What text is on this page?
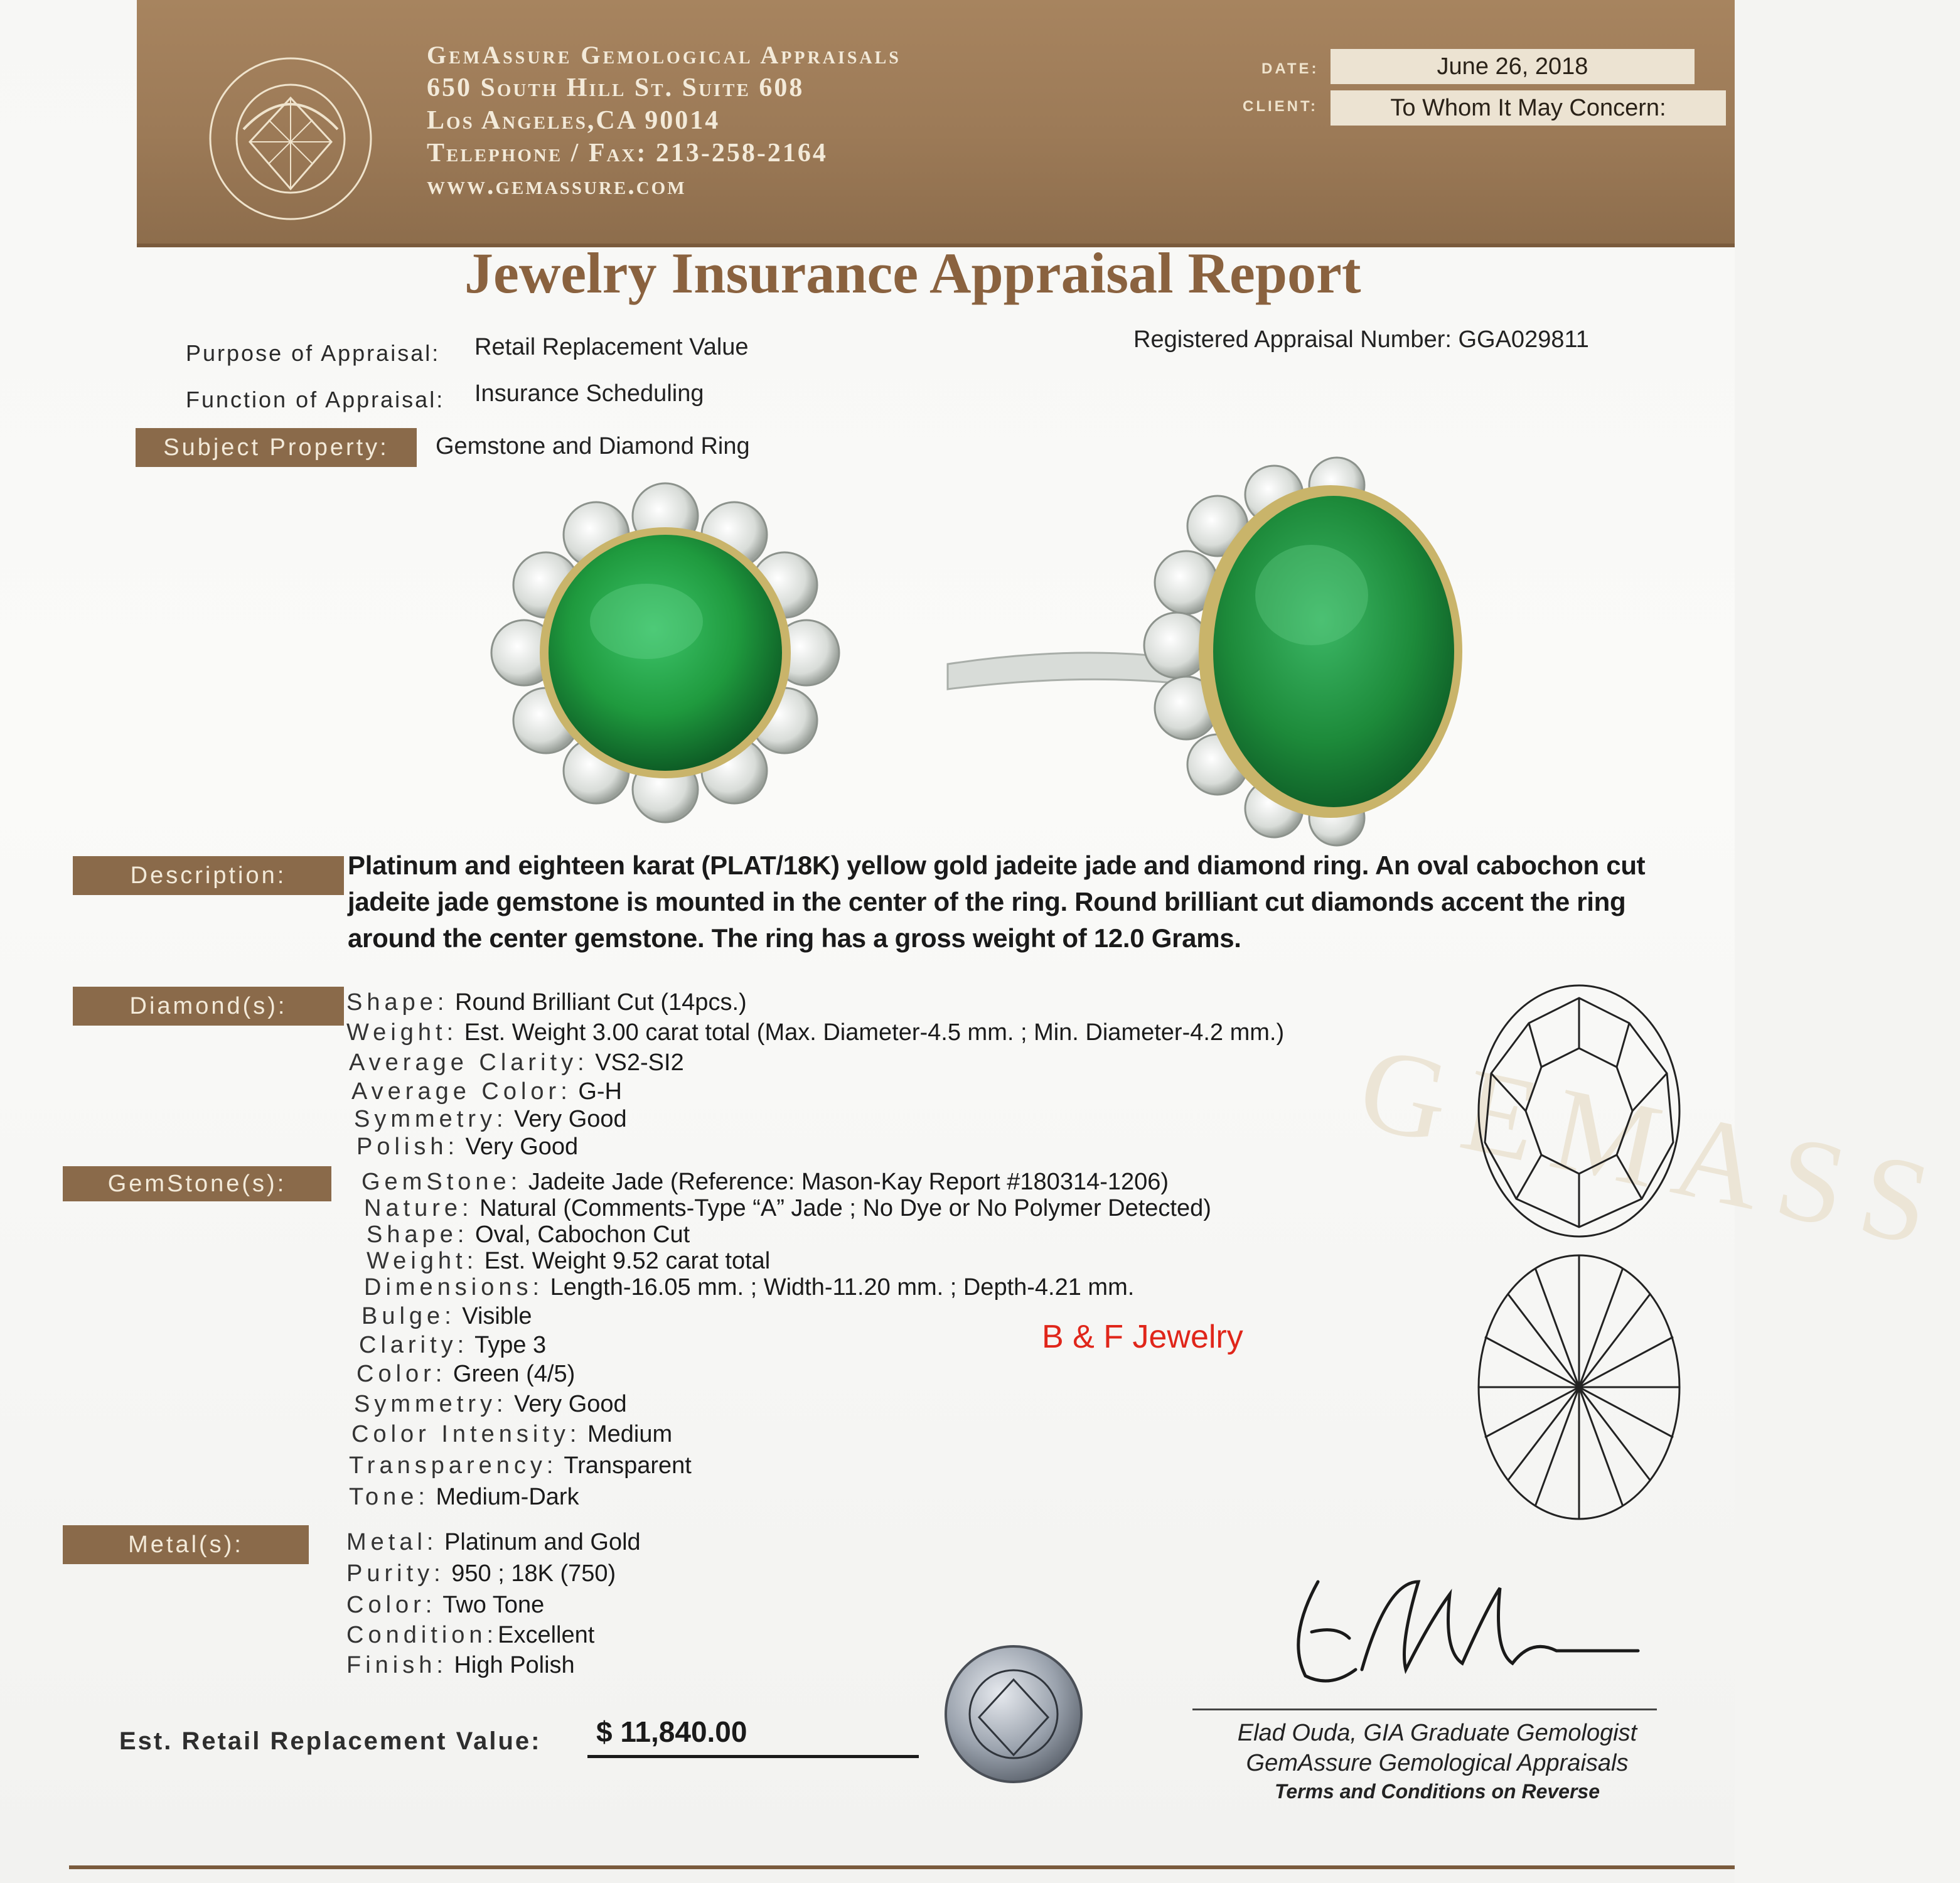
GemAssure Gemological Appraisals
650 South Hill St. Suite 608
Los Angeles,CA 90014
Telephone / Fax: 213-258-2164
www.gemassure.com
DATE:	June 26, 2018
CLIENT:	To Whom It May Concern:
Jewelry Insurance Appraisal Report
Purpose of Appraisal: Retail Replacement Value
Function of Appraisal: Insurance Scheduling
Registered Appraisal Number: GGA029811
Subject Property:	Gemstone and Diamond Ring
Description:	Platinum and eighteen karat (PLAT/18K) yellow gold jadeite jade and diamond ring. An oval cabochon cut jadeite jade gemstone is mounted in the center of the ring. Round brilliant cut diamonds accent the ring around the center gemstone. The ring has a gross weight of 12.0 Grams.
GEMASS
Diamond(s):	Shape: Round Brilliant Cut (14pcs.)
Weight: Est. Weight 3.00 carat total (Max. Diameter-4.5 mm. ; Min. Diameter-4.2 mm.)
Average Clarity: VS2-SI2
Average Color: G-H
Symmetry: Very Good
Polish: Very Good
GemStone(s):	GemStone: Jadeite Jade (Reference: Mason-Kay Report #180314-1206)
Nature: Natural (Comments-Type “A” Jade ; No Dye or No Polymer Detected)
Shape: Oval, Cabochon Cut
Weight: Est. Weight 9.52 carat total
Dimensions: Length-16.05 mm. ; Width-11.20 mm. ; Depth-4.21 mm.
Bulge: Visible
Clarity: Type 3
Color: Green (4/5)
Symmetry: Very Good
Color Intensity: Medium
Transparency: Transparent
Tone: Medium-Dark
B & F Jewelry
Metal(s):	Metal: Platinum and Gold
Purity: 950 ; 18K (750)
Color: Two Tone
Condition:Excellent
Finish: High Polish
Elad Ouda, GIA Graduate Gemologist
GemAssure Gemological Appraisals
Terms and Conditions on Reverse
Est. Retail Replacement Value: $ 11,840.00
